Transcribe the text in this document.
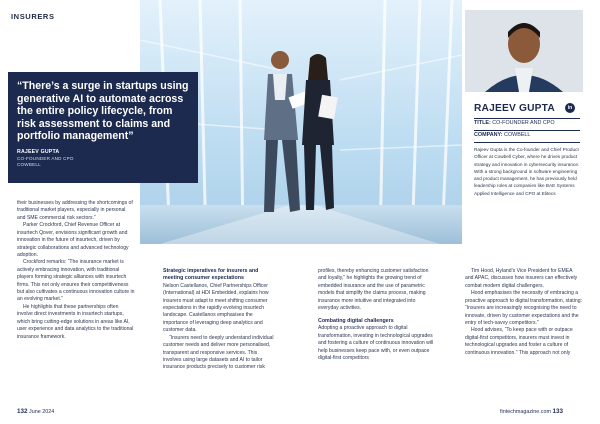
INSURERS
“There’s a surge in startups using generative AI to automate across the entire policy lifecycle, from risk assessment to claims and portfolio management”
RAJEEV GUPTA
CO-FOUNDER AND CPO
COWBELL
RAJEEV GUPTA	in
TITLE: CO-FOUNDER AND CPO
COMPANY: COWBELL
Rajeev Gupta is the Co-founder and Chief Product Officer at Cowbell Cyber, where he drives product strategy and innovation in cybersecurity insurance. With a strong background in software engineering and product management, he has previously held leadership roles at companies like BAE Systems Applied Intelligence and CPO at Elitecs

their businesses by addressing the shortcomings of traditional market players, especially in personal and SME commercial risk sectors.”

Parker Crockford, Chief Revenue Officer at insurtech Qover, envisions significant growth and innovation in the future of insurtech, driven by strategic collaborations and advanced technology adoption.

Crockford remarks: “The insurance market is actively embracing innovation, with traditional players forming strategic alliances with insurtech firms. This not only ensures their competitiveness but also cultivates a continuous innovation culture in an evolving market.”

He highlights that these partnerships often involve direct investments in insurtech startups, which bring cutting-edge solutions in areas like AI, user experience and data analytics to the traditional insurance framework.

Strategic imperatives for insurers and meeting consumer expectations

Nelson Castellanos, Chief Partnerships Officer (International) at HDI Embedded, explains how insurers must adapt to meet shifting consumer expectations in the rapidly evolving insurtech landscape. Castellanos emphasises the importance of leveraging deep analytics and customer data.

“Insurers need to deeply understand individual customer needs and deliver more personalised, transparent and responsive services. This involves using large datasets and AI to tailor insurance products precisely to customer risk

profiles, thereby enhancing customer satisfaction and loyalty,” he highlights the growing trend of embedded insurance and the use of parametric models that simplify the claims process, making insurance more intuitive and integrated into everyday activities.

Combating digital challengers

Adopting a proactive approach to digital transformation, investing in technological upgrades and fostering a culture of continuous innovation will help businesses keep pace with, or even outpace digital-first competitors

Tim Hood, Hyland’s Vice President for EMEA and APAC, discusses how insurers can effectively combat modern digital challengers.

Hood emphasises the necessity of embracing a proactive approach to digital transformation, stating: “Insurers are increasingly recognising the need to innovate, driven by customer expectations and the entry of tech-savvy competitors.”

Hood advises, “To keep pace with or outpace digital-first competitors, insurers must invest in technological upgrades and foster a culture of continuous innovation.” This approach not only

132 June 2024	fintechmagazine.com 133
